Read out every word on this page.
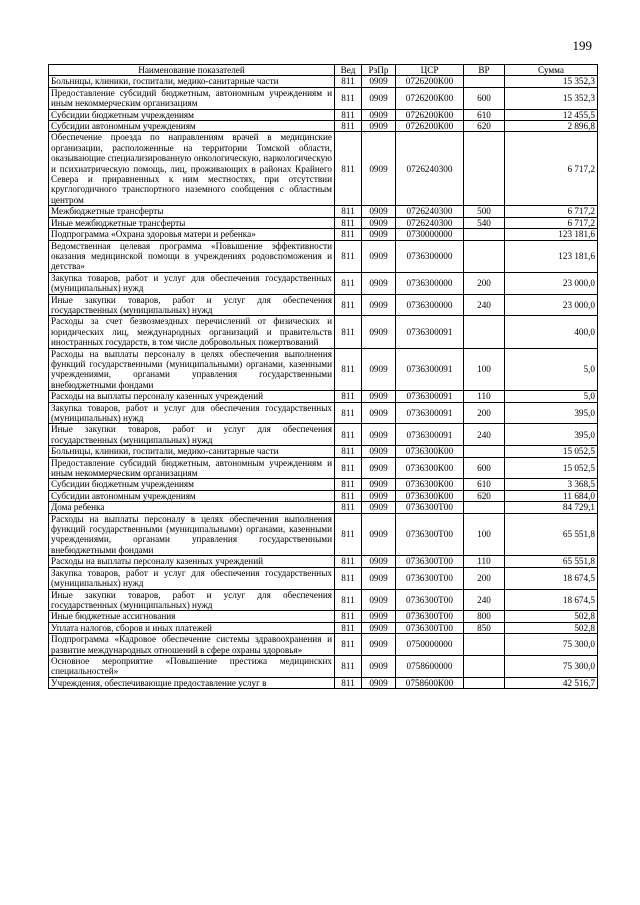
199
Наименование показателей	Вед	РзПр	ЦСР	ВР	Сумма
Больницы, клиники, госпитали, медико-санитарные части	811	0909	0726200К00		15 352,3
Предоставление субсидий бюджетным, автономным учреждениям и иным некоммерческим организациям	811	0909	0726200К00	600	15 352,3
Субсидии бюджетным учреждениям	811	0909	0726200К00	610	12 455,5
Субсидии автономным учреждениям	811	0909	0726200К00	620	2 896,8
Обеспечение проезда по направлениям врачей в медицинские организации, расположенные на территории Томской области, оказывающие специализированную онкологическую, наркологическую и психиатрическую помощь, лиц, проживающих в районах Крайнего Севера и приравненных к ним местностях, при отсутствии круглогодичного транспортного наземного сообщения с областным центром	811	0909	0726240300		6 717,2
Межбюджетные трансферты	811	0909	0726240300	500	6 717,2
Иные межбюджетные трансферты	811	0909	0726240300	540	6 717,2
Подпрограмма «Охрана здоровья матери и ребенка»	811	0909	0730000000		123 181,6
Ведомственная целевая программа «Повышение эффективности оказания медицинской помощи в учреждениях родовспоможения и детства»	811	0909	0736300000		123 181,6
Закупка товаров, работ и услуг для обеспечения государственных (муниципальных) нужд	811	0909	0736300000	200	23 000,0
Иные закупки товаров, работ и услуг для обеспечения государственных (муниципальных) нужд	811	0909	0736300000	240	23 000,0
Расходы за счет безвозмездных перечислений от физических и юридических лиц, международных организаций и правительств иностранных государств, в том числе добровольных пожертвований	811	0909	0736300091		400,0
Расходы на выплаты персоналу в целях обеспечения выполнения функций государственными (муниципальными) органами, казенными учреждениями, органами управления государственными внебюджетными фондами	811	0909	0736300091	100	5,0
Расходы на выплаты персоналу казенных учреждений	811	0909	0736300091	110	5,0
Закупка товаров, работ и услуг для обеспечения государственных (муниципальных) нужд	811	0909	0736300091	200	395,0
Иные закупки товаров, работ и услуг для обеспечения государственных (муниципальных) нужд	811	0909	0736300091	240	395,0
Больницы, клиники, госпитали, медико-санитарные части	811	0909	0736300К00		15 052,5
Предоставление субсидий бюджетным, автономным учреждениям и иным некоммерческим организациям	811	0909	0736300К00	600	15 052,5
Субсидии бюджетным учреждениям	811	0909	0736300К00	610	3 368,5
Субсидии автономным учреждениям	811	0909	0736300К00	620	11 684,0
Дома ребенка	811	0909	0736300Т00		84 729,1
Расходы на выплаты персоналу в целях обеспечения выполнения функций государственными (муниципальными) органами, казенными учреждениями, органами управления государственными внебюджетными фондами	811	0909	0736300Т00	100	65 551,8
Расходы на выплаты персоналу казенных учреждений	811	0909	0736300Т00	110	65 551,8
Закупка товаров, работ и услуг для обеспечения государственных (муниципальных) нужд	811	0909	0736300Т00	200	18 674,5
Иные закупки товаров, работ и услуг для обеспечения государственных (муниципальных) нужд	811	0909	0736300Т00	240	18 674,5
Иные бюджетные ассигнования	811	0909	0736300Т00	800	502,8
Уплата налогов, сборов и иных платежей	811	0909	0736300Т00	850	502,8
Подпрограмма «Кадровое обеспечение системы здравоохранения и развитие международных отношений в сфере охраны здоровья»	811	0909	0750000000		75 300,0
Основное мероприятие «Повышение престижа медицинских специальностей»	811	0909	0758600000		75 300,0
Учреждения, обеспечивающие предоставление услуг в	811	0909	0758600К00		42 516,7
